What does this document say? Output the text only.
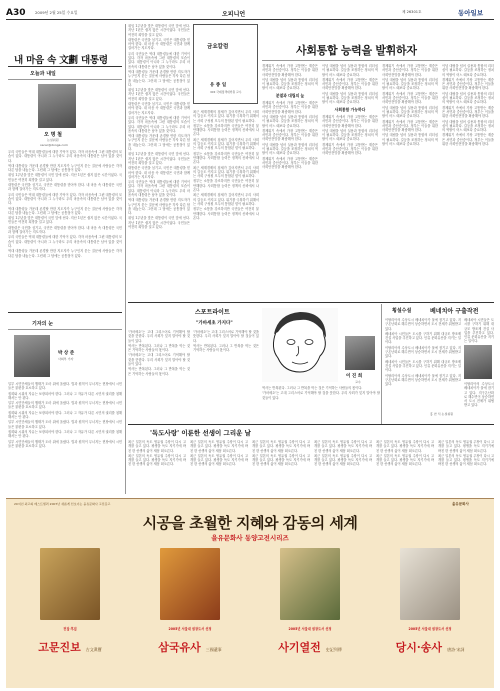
A30	2009년 2월 25일 수요일	오피니언	제 26301호	동아일보
내 마음 속 文劃 대통령
오늘과 내일
오 명 철
논설위원
oscar@donga.com

우리 국민들은 역대 대통령들에 대한 기억이 있다. 각자 마음속에 그린 대통령의 모습이 있다. 대통령이 아니라 그 누구라도 우리 마음속의 대통령은 남아 있을 것이다.

역대 대통령들 가운데 존경할 만한 지도자가 누구인지 묻는 질문에 사람들은 각자 다른 답을 내놓는다. 그런데 그 답에는 공통점이 있다.

취임 1주년을 맞은 대통령이 국민 앞에 선다. 지난 1년은 쉽지 않은 시간이었다. 국민들은 여전히 희망을 걸고 있다.

대통령은 국민을 섬기고, 국민은 대통령을 믿어야 한다. 내 마음 속 대통령은 국민과 함께 걸어가는 지도자다.

우리 국민들은 역대 대통령들에 대한 기억이 있다. 각자 마음속에 그린 대통령의 모습이 있다. 대통령이 아니라 그 누구라도 우리 마음속의 대통령은 남아 있을 것이다.

역대 대통령들 가운데 존경할 만한 지도자가 누구인지 묻는 질문에 사람들은 각자 다른 답을 내놓는다. 그런데 그 답에는 공통점이 있다.

취임 1주년을 맞은 대통령이 국민 앞에 선다. 지난 1년은 쉽지 않은 시간이었다. 국민들은 여전히 희망을 걸고 있다.

대통령은 국민을 섬기고, 국민은 대통령을 믿어야 한다. 내 마음 속 대통령은 국민과 함께 걸어가는 지도자다.

우리 국민들은 역대 대통령들에 대한 기억이 있다. 각자 마음속에 그린 대통령의 모습이 있다. 대통령이 아니라 그 누구라도 우리 마음속의 대통령은 남아 있을 것이다.

역대 대통령들 가운데 존경할 만한 지도자가 누구인지 묻는 질문에 사람들은 각자 다른 답을 내놓는다. 그런데 그 답에는 공통점이 있다.

기자의 눈
박 상 준
사회부 기자

일부 시민단체들의 행태가 도마 위에 올랐다. 법과 원칙이 무너지는 현장에서 시민들은 불편을 호소하고 있다.

집회와 시위의 자유는 보장되어야 한다. 그러나 그 자유가 다른 시민의 권리를 침해해서는 안 된다.

일부 시민단체들의 행태가 도마 위에 올랐다. 법과 원칙이 무너지는 현장에서 시민들은 불편을 호소하고 있다.

집회와 시위의 자유는 보장되어야 한다. 그러나 그 자유가 다른 시민의 권리를 침해해서는 안 된다.

일부 시민단체들의 행태가 도마 위에 올랐다. 법과 원칙이 무너지는 현장에서 시민들은 불편을 호소하고 있다.

집회와 시위의 자유는 보장되어야 한다. 그러나 그 자유가 다른 시민의 권리를 침해해서는 안 된다.

일부 시민단체들의 행태가 도마 위에 올랐다. 법과 원칙이 무너지는 현장에서 시민들은 불편을 호소하고 있다.

취임 1주년을 맞은 대통령이 국민 앞에 선다. 지난 1년은 쉽지 않은 시간이었다. 국민들은 여전히 희망을 걸고 있다.

대통령은 국민을 섬기고, 국민은 대통령을 믿어야 한다. 내 마음 속 대통령은 국민과 함께 걸어가는 지도자다.

우리 국민들은 역대 대통령들에 대한 기억이 있다. 각자 마음속에 그린 대통령의 모습이 있다. 대통령이 아니라 그 누구라도 우리 마음속의 대통령은 남아 있을 것이다.

역대 대통령들 가운데 존경할 만한 지도자가 누구인지 묻는 질문에 사람들은 각자 다른 답을 내놓는다. 그런데 그 답에는 공통점이 있다.

취임 1주년을 맞은 대통령이 국민 앞에 선다. 지난 1년은 쉽지 않은 시간이었다. 국민들은 여전히 희망을 걸고 있다.

대통령은 국민을 섬기고, 국민은 대통령을 믿어야 한다. 내 마음 속 대통령은 국민과 함께 걸어가는 지도자다.

우리 국민들은 역대 대통령들에 대한 기억이 있다. 각자 마음속에 그린 대통령의 모습이 있다. 대통령이 아니라 그 누구라도 우리 마음속의 대통령은 남아 있을 것이다.

역대 대통령들 가운데 존경할 만한 지도자가 누구인지 묻는 질문에 사람들은 각자 다른 답을 내놓는다. 그런데 그 답에는 공통점이 있다.

취임 1주년을 맞은 대통령이 국민 앞에 선다. 지난 1년은 쉽지 않은 시간이었다. 국민들은 여전히 희망을 걸고 있다.

대통령은 국민을 섬기고, 국민은 대통령을 믿어야 한다. 내 마음 속 대통령은 국민과 함께 걸어가는 지도자다.

우리 국민들은 역대 대통령들에 대한 기억이 있다. 각자 마음속에 그린 대통령의 모습이 있다. 대통령이 아니라 그 누구라도 우리 마음속의 대통령은 남아 있을 것이다.

역대 대통령들 가운데 존경할 만한 지도자가 누구인지 묻는 질문에 사람들은 각자 다른 답을 내놓는다. 그런데 그 답에는 공통점이 있다.

취임 1주년을 맞은 대통령이 국민 앞에 선다. 지난 1년은 쉽지 않은 시간이었다. 국민들은 여전히 희망을 걸고 있다.

금요칼럼
유 종 일
KDI 국제정책대학원 교수

최근 세계경제의 침체가 깊어지면서 우리 사회의 갈등도 커지고 있다. 위기를 극복하기 위해서는 사회 구성원 모두의 통합된 힘이 필요하다.

정부는 소통을 강조하지만 국민들은 여전히 불안해한다. 사회통합 능력은 정책의 신뢰에서 나온다.

최근 세계경제의 침체가 깊어지면서 우리 사회의 갈등도 커지고 있다. 위기를 극복하기 위해서는 사회 구성원 모두의 통합된 힘이 필요하다.

정부는 소통을 강조하지만 국민들은 여전히 불안해한다. 사회통합 능력은 정책의 신뢰에서 나온다.

최근 세계경제의 침체가 깊어지면서 우리 사회의 갈등도 커지고 있다. 위기를 극복하기 위해서는 사회 구성원 모두의 통합된 힘이 필요하다.

정부는 소통을 강조하지만 국민들은 여전히 불안해한다. 사회통합 능력은 정책의 신뢰에서 나온다.

최근 세계경제의 침체가 깊어지면서 우리 사회의 갈등도 커지고 있다. 위기를 극복하기 위해서는 사회 구성원 모두의 통합된 힘이 필요하다.

정부는 소통을 강조하지만 국민들은 여전히 불안해한다. 사회통합 능력은 정책의 신뢰에서 나온다.

사회통합 능력을 발휘하자

경제위기 속에서 가장 고통받는 계층은 서민과 중산층이다. 정부는 이들을 위한 사회안전망을 확충해야 한다.

이념 대립을 넘어 실용과 통합의 리더십이 필요하다. 갈등을 조정하는 정치의 역할이 어느 때보다 중요하다.

분열과 대립의 늪

경제위기 속에서 가장 고통받는 계층은 서민과 중산층이다. 정부는 이들을 위한 사회안전망을 확충해야 한다.

이념 대립을 넘어 실용과 통합의 리더십이 필요하다. 갈등을 조정하는 정치의 역할이 어느 때보다 중요하다.

경제위기 속에서 가장 고통받는 계층은 서민과 중산층이다. 정부는 이들을 위한 사회안전망을 확충해야 한다.

이념 대립을 넘어 실용과 통합의 리더십이 필요하다. 갈등을 조정하는 정치의 역할이 어느 때보다 중요하다.

경제위기 속에서 가장 고통받는 계층은 서민과 중산층이다. 정부는 이들을 위한 사회안전망을 확충해야 한다.

이념 대립을 넘어 실용과 통합의 리더십이 필요하다. 갈등을 조정하는 정치의 역할이 어느 때보다 중요하다.

경제위기 속에서 가장 고통받는 계층은 서민과 중산층이다. 정부는 이들을 위한 사회안전망을 확충해야 한다.

이념 대립을 넘어 실용과 통합의 리더십이 필요하다. 갈등을 조정하는 정치의 역할이 어느 때보다 중요하다.

사회통합 가능하다

경제위기 속에서 가장 고통받는 계층은 서민과 중산층이다. 정부는 이들을 위한 사회안전망을 확충해야 한다.

이념 대립을 넘어 실용과 통합의 리더십이 필요하다. 갈등을 조정하는 정치의 역할이 어느 때보다 중요하다.

경제위기 속에서 가장 고통받는 계층은 서민과 중산층이다. 정부는 이들을 위한 사회안전망을 확충해야 한다.

경제위기 속에서 가장 고통받는 계층은 서민과 중산층이다. 정부는 이들을 위한 사회안전망을 확충해야 한다.

이념 대립을 넘어 실용과 통합의 리더십이 필요하다. 갈등을 조정하는 정치의 역할이 어느 때보다 중요하다.

경제위기 속에서 가장 고통받는 계층은 서민과 중산층이다. 정부는 이들을 위한 사회안전망을 확충해야 한다.

이념 대립을 넘어 실용과 통합의 리더십이 필요하다. 갈등을 조정하는 정치의 역할이 어느 때보다 중요하다.

경제위기 속에서 가장 고통받는 계층은 서민과 중산층이다. 정부는 이들을 위한 사회안전망을 확충해야 한다.

이념 대립을 넘어 실용과 통합의 리더십이 필요하다. 갈등을 조정하는 정치의 역할이 어느 때보다 중요하다.

이념 대립을 넘어 실용과 통합의 리더십이 필요하다. 갈등을 조정하는 정치의 역할이 어느 때보다 중요하다.

경제위기 속에서 가장 고통받는 계층은 서민과 중산층이다. 정부는 이들을 위한 사회안전망을 확충해야 한다.

이념 대립을 넘어 실용과 통합의 리더십이 필요하다. 갈등을 조정하는 정치의 역할이 어느 때보다 중요하다.

경제위기 속에서 가장 고통받는 계층은 서민과 중산층이다. 정부는 이들을 위한 사회안전망을 확충해야 한다.

이념 대립을 넘어 실용과 통합의 리더십이 필요하다. 갈등을 조정하는 정치의 역할이 어느 때보다 중요하다.

경제위기 속에서 가장 고통받는 계층은 서민과 중산층이다. 정부는 이들을 위한 사회안전망을 확충해야 한다.

스포트라이트
"가바세초 가지다"

'가마세초'는 고대 그리스어로 기억해야 할 것을 뜻한다. 우리 사회가 잊지 말아야 할 것들이 있다.

역사는 반복된다. 그러나 그 반복을 막는 것은 기억하는 사람들의 몫이다.

이 진 희
교수

'가마세초'는 고대 그리스어로 기억해야 할 것을 뜻한다. 우리 사회가 잊지 말아야 할 것들이 있다.

역사는 반복된다. 그러나 그 반복을 막는 것은 기억하는 사람들의 몫이다.

'가마세초'는 고대 그리스어로 기억해야 할 것을 뜻한다. 우리 사회가 잊지 말아야 할 것들이 있다.

역사는 반복된다. 그러나 그 반복을 막는 것은 기억하는 사람들의 몫이다.

역사는 반복된다. 그러나 그 반복을 막는 것은 기억하는 사람들의 몫이다.

'가마세초'는 고대 그리스어로 기억해야 할 것을 뜻한다. 우리 사회가 잊지 말아야 할 것들이 있다.

횡설수설	베네치아 구출작전

이탈리아의 수상도시 베네치아가 물에 잠기고 있다. 지구온난화로 해수면이 상승하면서 도시 전체가 위협받고 있다.

베네치아 시민들은 도시를 구하기 위해 대규모 방조제 건설 사업을 추진하고 있다. 인류 문화유산을 지키는 일이다.

이탈리아의 수상도시 베네치아가 물에 잠기고 있다. 지구온난화로 해수면이 상승하면서 도시 전체가 위협받고 있다.

베네치아 시민들은 도시를 구하기 위해 대규모 방조제 건설 사업을 추진하고 있다. 인류 문화유산을 지키는 일이다.

이탈리아의 수상도시 베네치아가 물에 잠기고 있다. 지구온난화로 해수면이 상승하면서 도시 전체가 위협받고 있다.

베네치아 시민들은 도시를 구하기 위해 대규모 방조제 건설 사업을 추진하고 있다. 인류 문화유산을 지키는 일이다.

이탈리아의 수상도시 베네치아가 물에 잠기고 있다. 지구온난화로 해수면이 상승하면서 도시 전체가 위협받고 있다.

홍 찬 식 논설위원
'독도사랑' 이룬한 선생이 그리운 날

최근 일본의 독도 영유권 주장이 다시 고개를 들고 있다. 평생을 독도 지키기에 바친 한 선생의 삶이 새삼 떠오른다.

최근 일본의 독도 영유권 주장이 다시 고개를 들고 있다. 평생을 독도 지키기에 바친 한 선생의 삶이 새삼 떠오른다.

최근 일본의 독도 영유권 주장이 다시 고개를 들고 있다. 평생을 독도 지키기에 바친 한 선생의 삶이 새삼 떠오른다.

최근 일본의 독도 영유권 주장이 다시 고개를 들고 있다. 평생을 독도 지키기에 바친 한 선생의 삶이 새삼 떠오른다.

최근 일본의 독도 영유권 주장이 다시 고개를 들고 있다. 평생을 독도 지키기에 바친 한 선생의 삶이 새삼 떠오른다.

최근 일본의 독도 영유권 주장이 다시 고개를 들고 있다. 평생을 독도 지키기에 바친 한 선생의 삶이 새삼 떠오른다.

최근 일본의 독도 영유권 주장이 다시 고개를 들고 있다. 평생을 독도 지키기에 바친 한 선생의 삶이 새삼 떠오른다.

최근 일본의 독도 영유권 주장이 다시 고개를 들고 있다. 평생을 독도 지키기에 바친 한 선생의 삶이 새삼 떠오른다.

최근 일본의 독도 영유권 주장이 다시 고개를 들고 있다. 평생을 독도 지키기에 바친 한 선생의 삶이 새삼 떠오른다.

최근 일본의 독도 영유권 주장이 다시 고개를 들고 있다. 평생을 독도 지키기에 바친 한 선생의 삶이 새삼 떠오른다.

최근 일본의 독도 영유권 주장이 다시 고개를 들고 있다. 평생을 독도 지키기에 바친 한 선생의 삶이 새삼 떠오른다.

최근 일본의 독도 영유권 주장이 다시 고개를 들고 있다. 평생을 독도 지키기에 바친 한 선생의 삶이 새삼 떠오른다.

20여년 최고의 베스트셀러 2007년 새롭게 선보이는 을유문화사 고전문고	을유문화사
시공을 초월한 지혜와 감동의 세계
을유문화사 동양고전시리즈
전집·후집	2005년 서울대 권장도서 선정	2005년 서울대 권장도서 선정	2005년 서울대 권장도서 선정
고문진보 古文眞寶	삼국유사 三國遺事	사기열전 史記列傳	당시·송사 唐詩·宋詞
